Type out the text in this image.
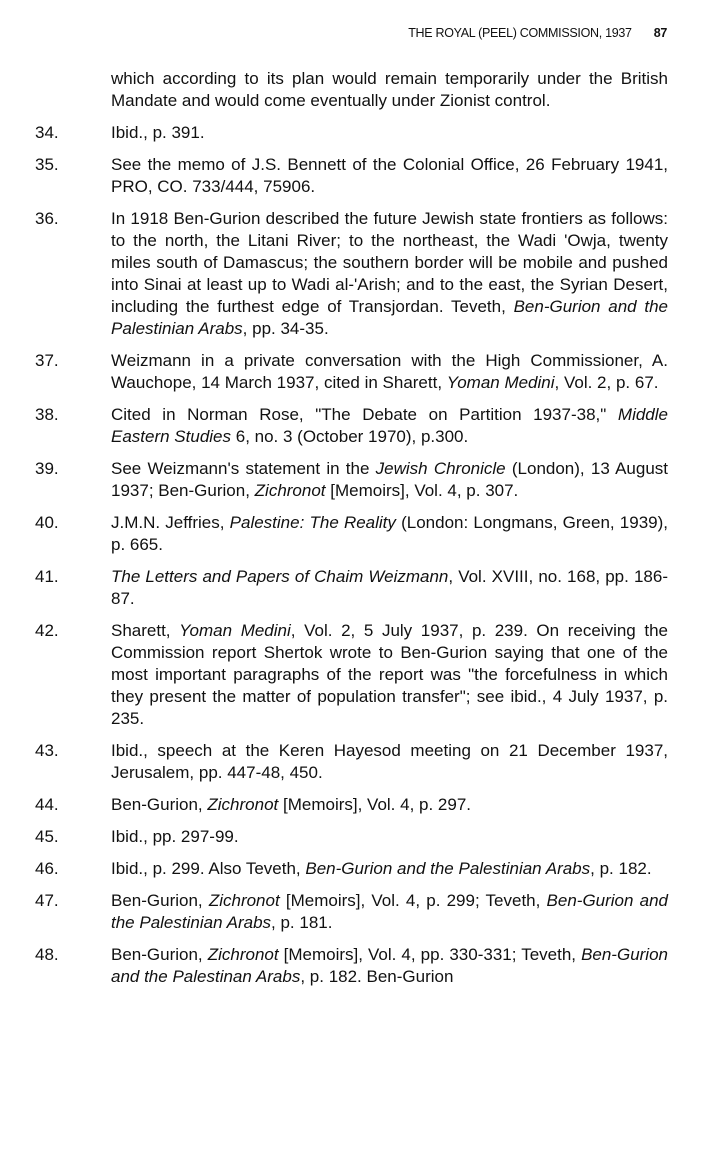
THE ROYAL (PEEL) COMMISSION, 1937 87
which according to its plan would remain temporarily under the British Mandate and would come eventually under Zionist control.
34.	Ibid., p. 391.
35.	See the memo of J.S. Bennett of the Colonial Office, 26 February 1941, PRO, CO. 733/444, 75906.
36.	In 1918 Ben-Gurion described the future Jewish state frontiers as follows: to the north, the Litani River; to the northeast, the Wadi 'Owja, twenty miles south of Damascus; the southern border will be mobile and pushed into Sinai at least up to Wadi al-'Arish; and to the east, the Syrian Desert, including the furthest edge of Transjordan. Teveth, Ben-Gurion and the Palestinian Arabs, pp. 34-35.
37.	Weizmann in a private conversation with the High Commissioner, A. Wauchope, 14 March 1937, cited in Sharett, Yoman Medini, Vol. 2, p. 67.
38.	Cited in Norman Rose, "The Debate on Partition 1937-38," Middle Eastern Studies 6, no. 3 (October 1970), p.300.
39.	See Weizmann's statement in the Jewish Chronicle (London), 13 August 1937; Ben-Gurion, Zichronot [Memoirs], Vol. 4, p. 307.
40.	J.M.N. Jeffries, Palestine: The Reality (London: Longmans, Green, 1939), p. 665.
41.	The Letters and Papers of Chaim Weizmann, Vol. XVIII, no. 168, pp. 186-87.
42.	Sharett, Yoman Medini, Vol. 2, 5 July 1937, p. 239. On receiving the Commission report Shertok wrote to Ben-Gurion saying that one of the most important paragraphs of the report was "the forcefulness in which they present the matter of population transfer"; see ibid., 4 July 1937, p. 235.
43.	Ibid., speech at the Keren Hayesod meeting on 21 December 1937, Jerusalem, pp. 447-48, 450.
44.	Ben-Gurion, Zichronot [Memoirs], Vol. 4, p. 297.
45.	Ibid., pp. 297-99.
46.	Ibid., p. 299. Also Teveth, Ben-Gurion and the Palestinian Arabs, p. 182.
47.	Ben-Gurion, Zichronot [Memoirs], Vol. 4, p. 299; Teveth, Ben-Gurion and the Palestinian Arabs, p. 181.
48.	Ben-Gurion, Zichronot [Memoirs], Vol. 4, pp. 330-331; Teveth, Ben-Gurion and the Palestinan Arabs, p. 182. Ben-Gurion
